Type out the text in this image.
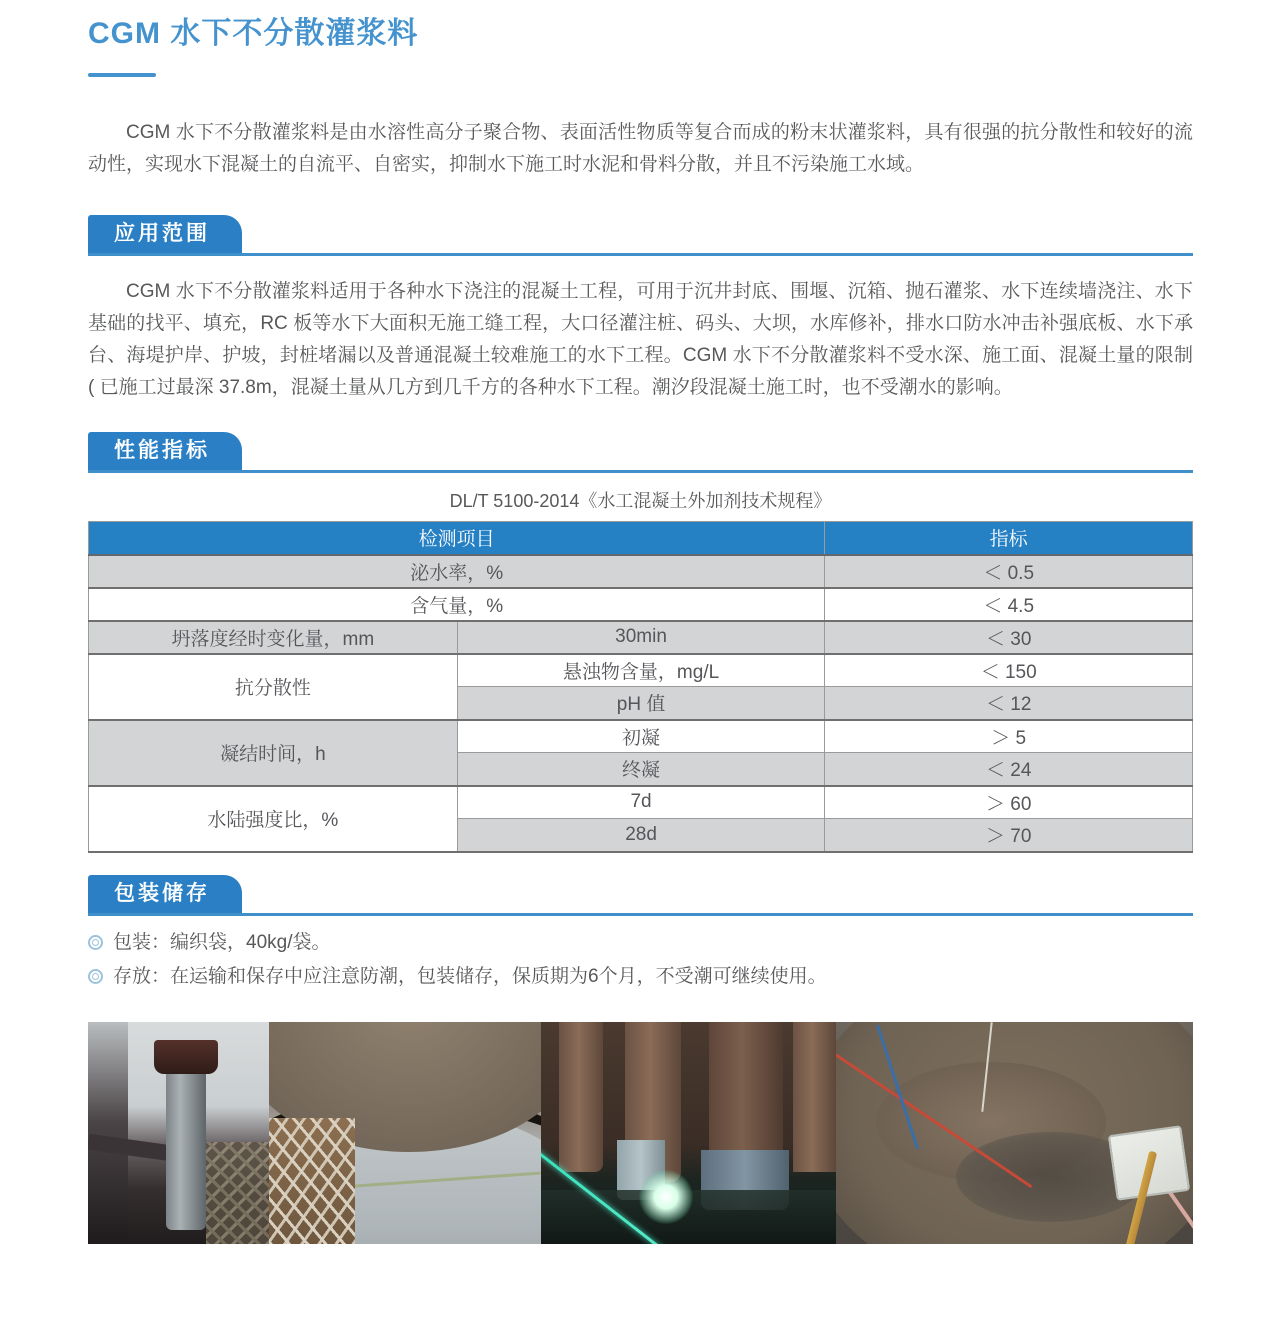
CGM 水下不分散灌浆料

CGM 水下不分散灌浆料是由水溶性高分子聚合物、表面活性物质等复合而成的粉末状灌浆料，具有很强的抗分散性和较好的流动性，实现水下混凝土的自流平、自密实，抑制水下施工时水泥和骨料分散，并且不污染施工水域。

应用范围

CGM 水下不分散灌浆料适用于各种水下浇注的混凝土工程，可用于沉井封底、围堰、沉箱、抛石灌浆、水下连续墙浇注、水下基础的找平、填充，RC 板等水下大面积无施工缝工程，大口径灌注桩、码头、大坝，水库修补，排水口防水冲击补强底板、水下承台、海堤护岸、护坡，封桩堵漏以及普通混凝土较难施工的水下工程。CGM 水下不分散灌浆料不受水深、施工面、混凝土量的限制 ( 已施工过最深 37.8m，混凝土量从几方到几千方的各种水下工程。潮汐段混凝土施工时，也不受潮水的影响。

性能指标

DL/T 5100-2014《水工混凝土外加剂技术规程》

检测项目		指标
泌水率，%		＜ 0.5
含气量，%		＜ 4.5
坍落度经时变化量，mm	30min	＜ 30
抗分散性	悬浊物含量，mg/L	＜ 150
	pH 值	＜ 12
凝结时间，h	初凝	＞ 5
	终凝	＜ 24
水陆强度比，%	7d	＞ 60
	28d	＞ 70
包装储存
包装：编织袋，40kg/袋。
存放：在运输和保存中应注意防潮，包装储存，保质期为6个月，不受潮可继续使用。
